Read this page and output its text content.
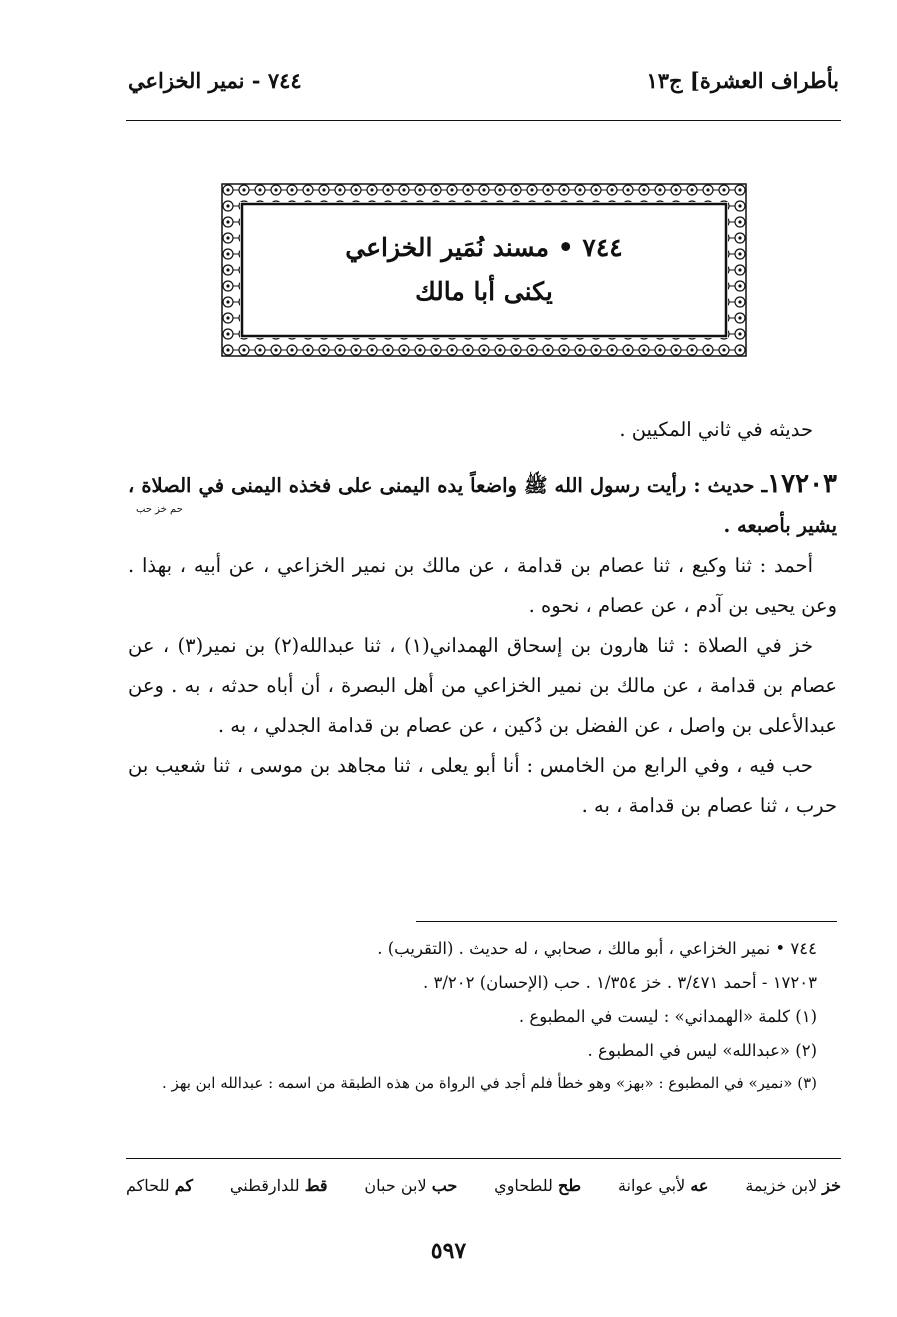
بأطراف العشرة] ج١٣
٧٤٤ - نمير الخزاعي
٧٤٤ • مسند نُمَير الخزاعي
يكنى أبا مالك

حديثه في ثاني المكيين .

١٧٢٠٣ـ حديث : رأيت رسول الله ﷺ واضعاً يده اليمنى على فخذه اليمنى في الصلاة ، يشير بأصبعه .
حم خز حب

أحمد : ثنا وكيع ، ثنا عصام بن قدامة ، عن مالك بن نمير الخزاعي ، عن أبيه ، بهذا . وعن يحيى بن آدم ، عن عصام ، نحوه .

خز في الصلاة : ثنا هارون بن إسحاق الهمداني(١) ، ثنا عبدالله(٢) بن نمير(٣) ، عن عصام بن قدامة ، عن مالك بن نمير الخزاعي من أهل البصرة ، أن أباه حدثه ، به . وعن عبدالأعلى بن واصل ، عن الفضل بن دُكين ، عن عصام بن قدامة الجدلي ، به .

حب فيه ، وفي الرابع من الخامس : أنا أبو يعلى ، ثنا مجاهد بن موسى ، ثنا شعيب بن حرب ، ثنا عصام بن قدامة ، به .

٧٤٤ • نمير الخزاعي ، أبو مالك ، صحابي ، له حديث . (التقريب) .

١٧٢٠٣ - أحمد ٣/٤٧١ . خز ١/٣٥٤ . حب (الإحسان) ٣/٢٠٢ .

(١) كلمة «الهمداني» : ليست في المطبوع .

(٢) «عبدالله» ليس في المطبوع .

(٣) «نمير» في المطبوع : «بهز» وهو خطأ فلم أجد في الرواة من هذه الطبقة من اسمه : عبدالله ابن بهز .

خز لابن خزيمة
عه لأبي عوانة
طح للطحاوي
حب لابن حبان
قط للدارقطني
كم للحاكم
٥٩٧
